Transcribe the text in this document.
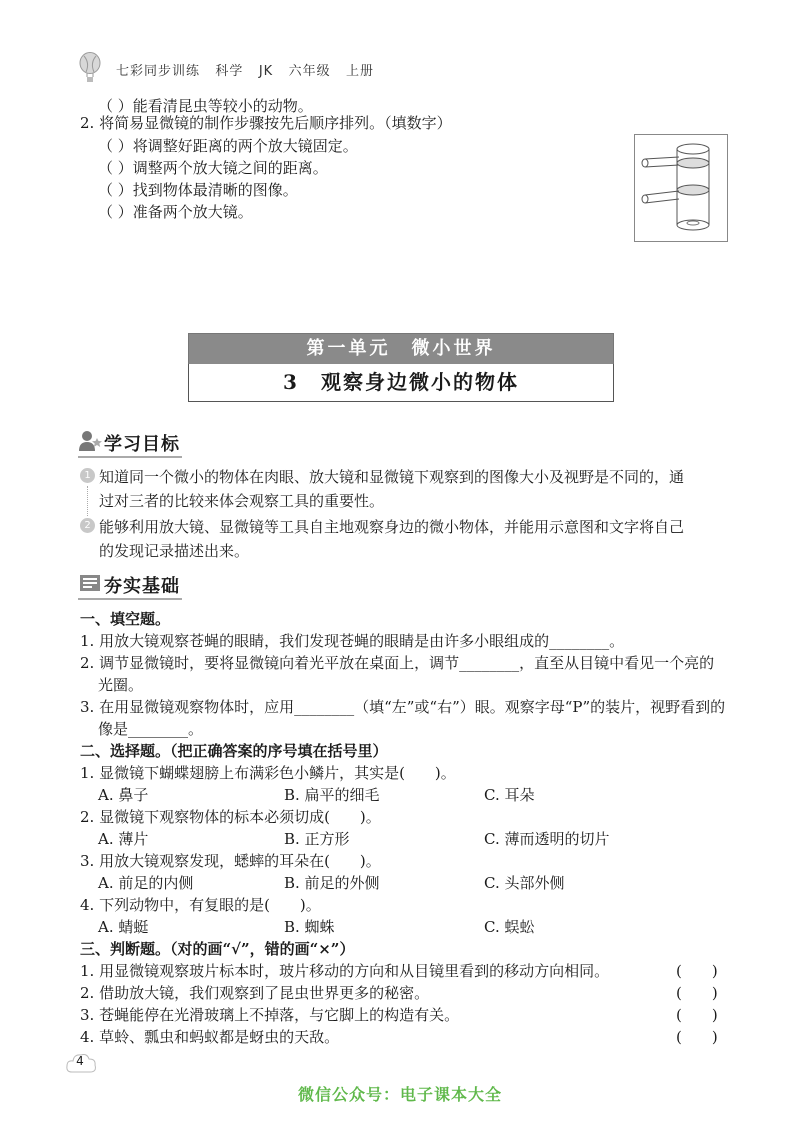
七彩同步训练 科学 JK 六年级 上册
（ ）能看清昆虫等较小的动物。
2. 将简易显微镜的制作步骤按先后顺序排列。（填数字）
（ ）将调整好距离的两个放大镜固定。
（ ）调整两个放大镜之间的距离。
（ ）找到物体最清晰的图像。
（ ）准备两个放大镜。
第一单元　微小世界
3　观察身边微小的物体
学习目标
1
2
知道同一个微小的物体在肉眼、放大镜和显微镜下观察到的图像大小及视野是不同的，通
过对三者的比较来体会观察工具的重要性。
能够利用放大镜、显微镜等工具自主地观察身边的微小物体，并能用示意图和文字将自己
的发现记录描述出来。
夯实基础
一、填空题。
1. 用放大镜观察苍蝇的眼睛，我们发现苍蝇的眼睛是由许多小眼组成的________。
2. 调节显微镜时，要将显微镜向着光平放在桌面上，调节________，直至从目镜中看见一个亮的
光圈。
3. 在用显微镜观察物体时，应用________（填“左”或“右”）眼。观察字母“P”的装片，视野看到的
像是________。
二、选择题。（把正确答案的序号填在括号里）
1. 显微镜下蝴蝶翅膀上布满彩色小鳞片，其实是(　　)。
A. 鼻子	B. 扁平的细毛	C. 耳朵
2. 显微镜下观察物体的标本必须切成(　　)。
A. 薄片	B. 正方形	C. 薄而透明的切片
3. 用放大镜观察发现，蟋蟀的耳朵在(　　)。
A. 前足的内侧	B. 前足的外侧	C. 头部外侧
4. 下列动物中，有复眼的是(　　)。
A. 蜻蜓	B. 蜘蛛	C. 蜈蚣
三、判断题。（对的画“√”，错的画“×”）
1. 用显微镜观察玻片标本时，玻片移动的方向和从目镜里看到的移动方向相同。	(　　)
2. 借助放大镜，我们观察到了昆虫世界更多的秘密。	(　　)
3. 苍蝇能停在光滑玻璃上不掉落，与它脚上的构造有关。	(　　)
4. 草蛉、瓢虫和蚂蚁都是蚜虫的天敌。	(　　)
4
微信公众号：电子课本大全
